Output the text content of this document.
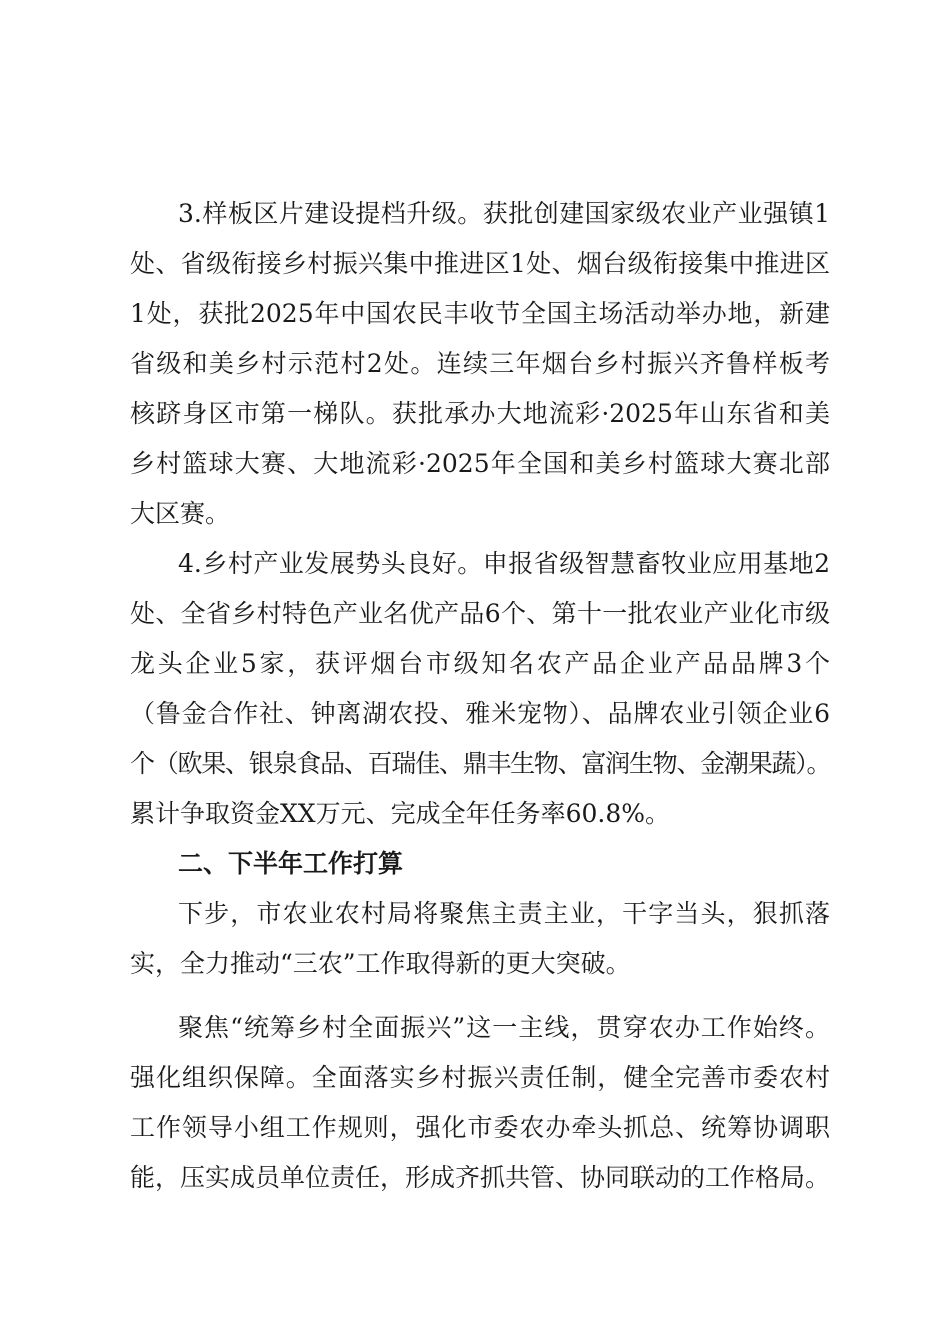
3.样板区片建设提档升级。获批创建国家级农业产业强镇1
处、省级衔接乡村振兴集中推进区1处、烟台级衔接集中推进区
1处，获批2025年中国农民丰收节全国主场活动举办地，新建
省级和美乡村示范村2处。连续三年烟台乡村振兴齐鲁样板考
核跻身区市第一梯队。获批承办大地流彩·2025年山东省和美
乡村篮球大赛、大地流彩·2025年全国和美乡村篮球大赛北部
大区赛。
4.乡村产业发展势头良好。申报省级智慧畜牧业应用基地2
处、全省乡村特色产业名优产品6个、第十一批农业产业化市级
龙头企业5家，获评烟台市级知名农产品企业产品品牌3个
（鲁金合作社、钟离湖农投、雅米宠物）、品牌农业引领企业6
个（欧果、银泉食品、百瑞佳、鼎丰生物、富润生物、金潮果蔬）。
累计争取资金XX万元、完成全年任务率60.8%。
二、下半年工作打算
下步，市农业农村局将聚焦主责主业，干字当头，狠抓落
实，全力推动“三农”工作取得新的更大突破。
聚焦“统筹乡村全面振兴”这一主线，贯穿农办工作始终。
强化组织保障。全面落实乡村振兴责任制，健全完善市委农村
工作领导小组工作规则，强化市委农办牵头抓总、统筹协调职
能，压实成员单位责任，形成齐抓共管、协同联动的工作格局。
